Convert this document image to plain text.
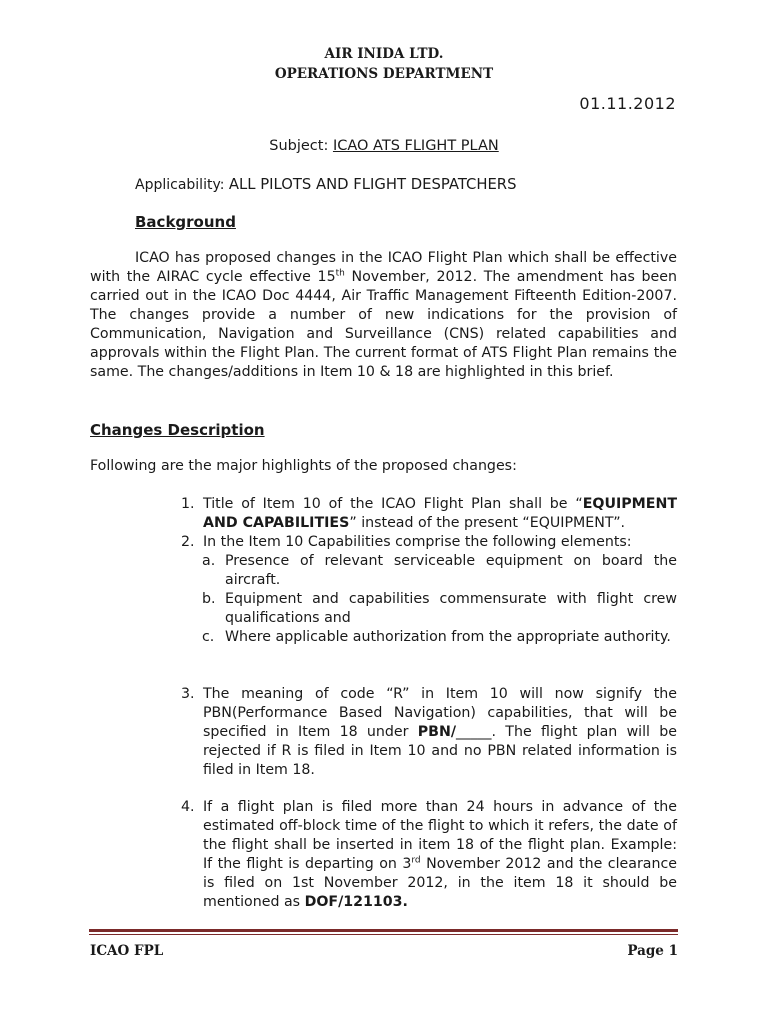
AIR INIDA LTD.
OPERATIONS DEPARTMENT
01.11.2012
Subject: ICAO ATS FLIGHT PLAN
Applicability: ALL PILOTS AND FLIGHT DESPATCHERS
Background
ICAO has proposed changes in the ICAO Flight Plan which shall be effective with the AIRAC cycle effective 15th November, 2012. The amendment has been carried out in the ICAO Doc 4444, Air Traffic Management Fifteenth Edition-2007. The changes provide a number of new indications for the provision of Communication, Navigation and Surveillance (CNS) related capabilities and approvals within the Flight Plan. The current format of ATS Flight Plan remains the same. The changes/additions in Item 10 & 18 are highlighted in this brief.
Changes Description
Following are the major highlights of the proposed changes:
1. Title of Item 10 of the ICAO Flight Plan shall be “EQUIPMENT AND CAPABILITIES” instead of the present “EQUIPMENT”.
2. In the Item 10 Capabilities comprise the following elements:
a. Presence of relevant serviceable equipment on board the aircraft.
b. Equipment and capabilities commensurate with flight crew qualifications and
c. Where applicable authorization from the appropriate authority.
3. The meaning of code “R” in Item 10 will now signify the PBN(Performance Based Navigation) capabilities, that will be specified in Item 18 under PBN/_____. The flight plan will be rejected if R is filed in Item 10 and no PBN related information is filed in Item 18.
4. If a flight plan is filed more than 24 hours in advance of the estimated off-block time of the flight to which it refers, the date of the flight shall be inserted in item 18 of the flight plan. Example: If the flight is departing on 3rd November 2012 and the clearance is filed on 1st November 2012, in the item 18 it should be mentioned as DOF/121103.
ICAO FPL	Page 1
